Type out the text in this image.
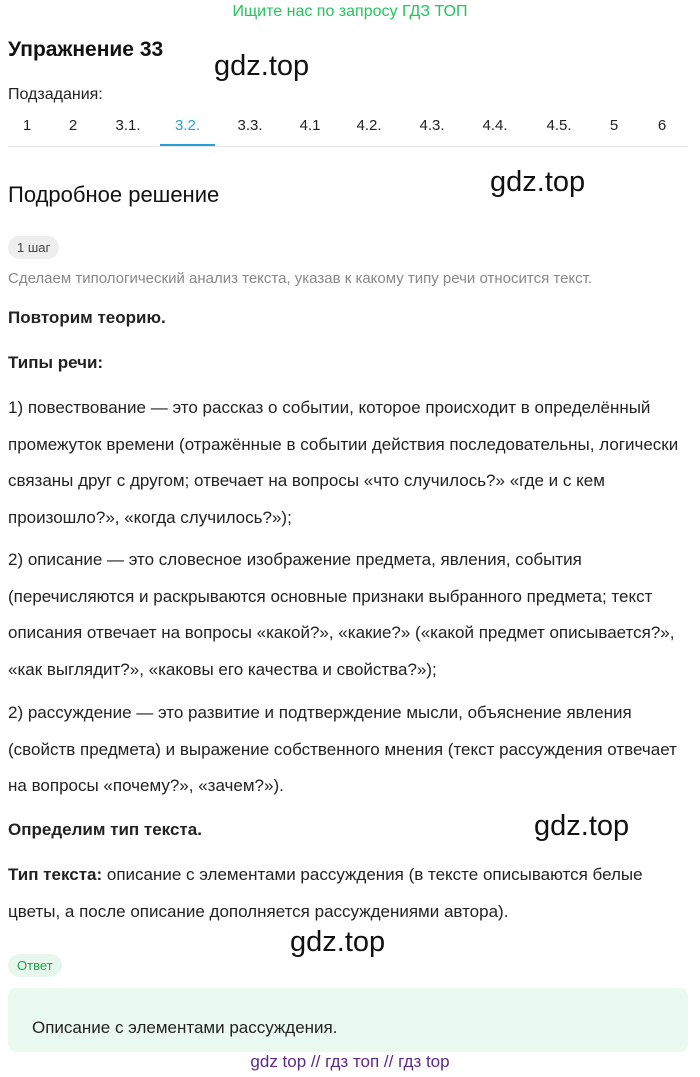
Ищите нас по запросу ГДЗ ТОП
Упражнение 33
gdz.top
Подзадания:
1	2	3.1.	3.2.	3.3.	4.1	4.2.	4.3.	4.4.	4.5.	5	6
Подробное решение	gdz.top
1 шаг
Сделаем типологический анализ текста, указав к какому типу речи относится текст.

Повторим теорию.

Типы речи:

1) повествование — это рассказ о событии, которое происходит в определённый промежуток времени (отражённые в событии действия последовательны, логически связаны друг с другом; отвечает на вопросы «что случилось?» «где и с кем произошло?», «когда случилось?»);

2) описание — это словесное изображение предмета, явления, события (перечисляются и раскрываются основные признаки выбранного предмета; текст описания отвечает на вопросы «какой?», «какие?» («какой предмет описывается?», «как выглядит?», «каковы его качества и свойства?»);

2) рассуждение — это развитие и подтверждение мысли, объяснение явления (свойств предмета) и выражение собственного мнения (текст рассуждения отвечает на вопросы «почему?», «зачем?»).

Определим тип текста.	gdz.top

Тип текста: описание с элементами рассуждения (в тексте описываются белые цветы, а после описание дополняется рассуждениями автора).

gdz.top
Ответ
Описание с элементами рассуждения.
gdz top // гдз топ // гдз top
